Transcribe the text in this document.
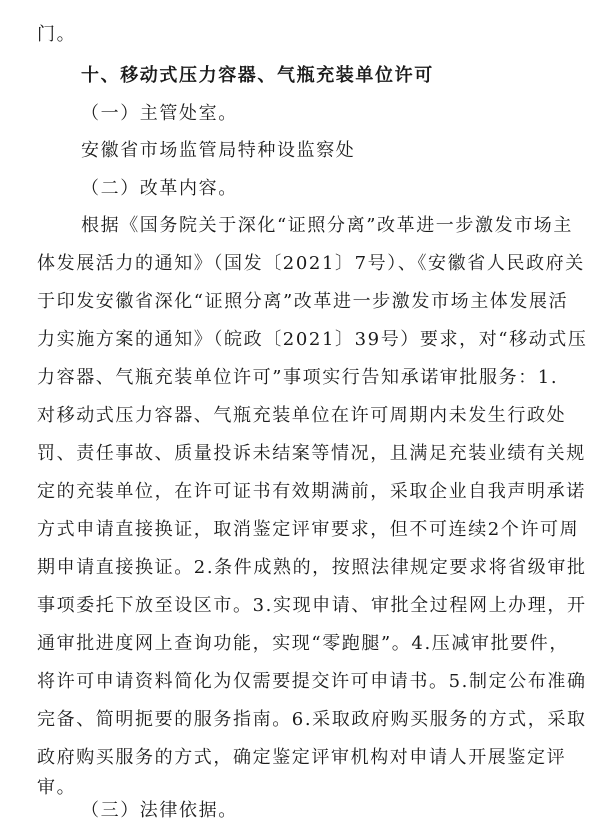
门。
十、移动式压力容器、气瓶充装单位许可
（一）主管处室。
安徽省市场监管局特种设监察处
（二）改革内容。
根据《国务院关于深化“证照分离”改革进一步激发市场主
体发展活力的通知》（国发〔2021〕7号）、《安徽省人民政府关
于印发安徽省深化“证照分离”改革进一步激发市场主体发展活
力实施方案的通知》（皖政〔2021〕39号）要求，对“移动式压
力容器、气瓶充装单位许可”事项实行告知承诺审批服务：1.
对移动式压力容器、气瓶充装单位在许可周期内未发生行政处
罚、责任事故、质量投诉未结案等情况，且满足充装业绩有关规
定的充装单位，在许可证书有效期满前，采取企业自我声明承诺
方式申请直接换证，取消鉴定评审要求，但不可连续2个许可周
期申请直接换证。2.条件成熟的，按照法律规定要求将省级审批
事项委托下放至设区市。3.实现申请、审批全过程网上办理，开
通审批进度网上查询功能，实现“零跑腿”。4.压减审批要件，
将许可申请资料简化为仅需要提交许可申请书。5.制定公布准确
完备、简明扼要的服务指南。6.采取政府购买服务的方式，采取
政府购买服务的方式，确定鉴定评审机构对申请人开展鉴定评
审。
（三）法律依据。
